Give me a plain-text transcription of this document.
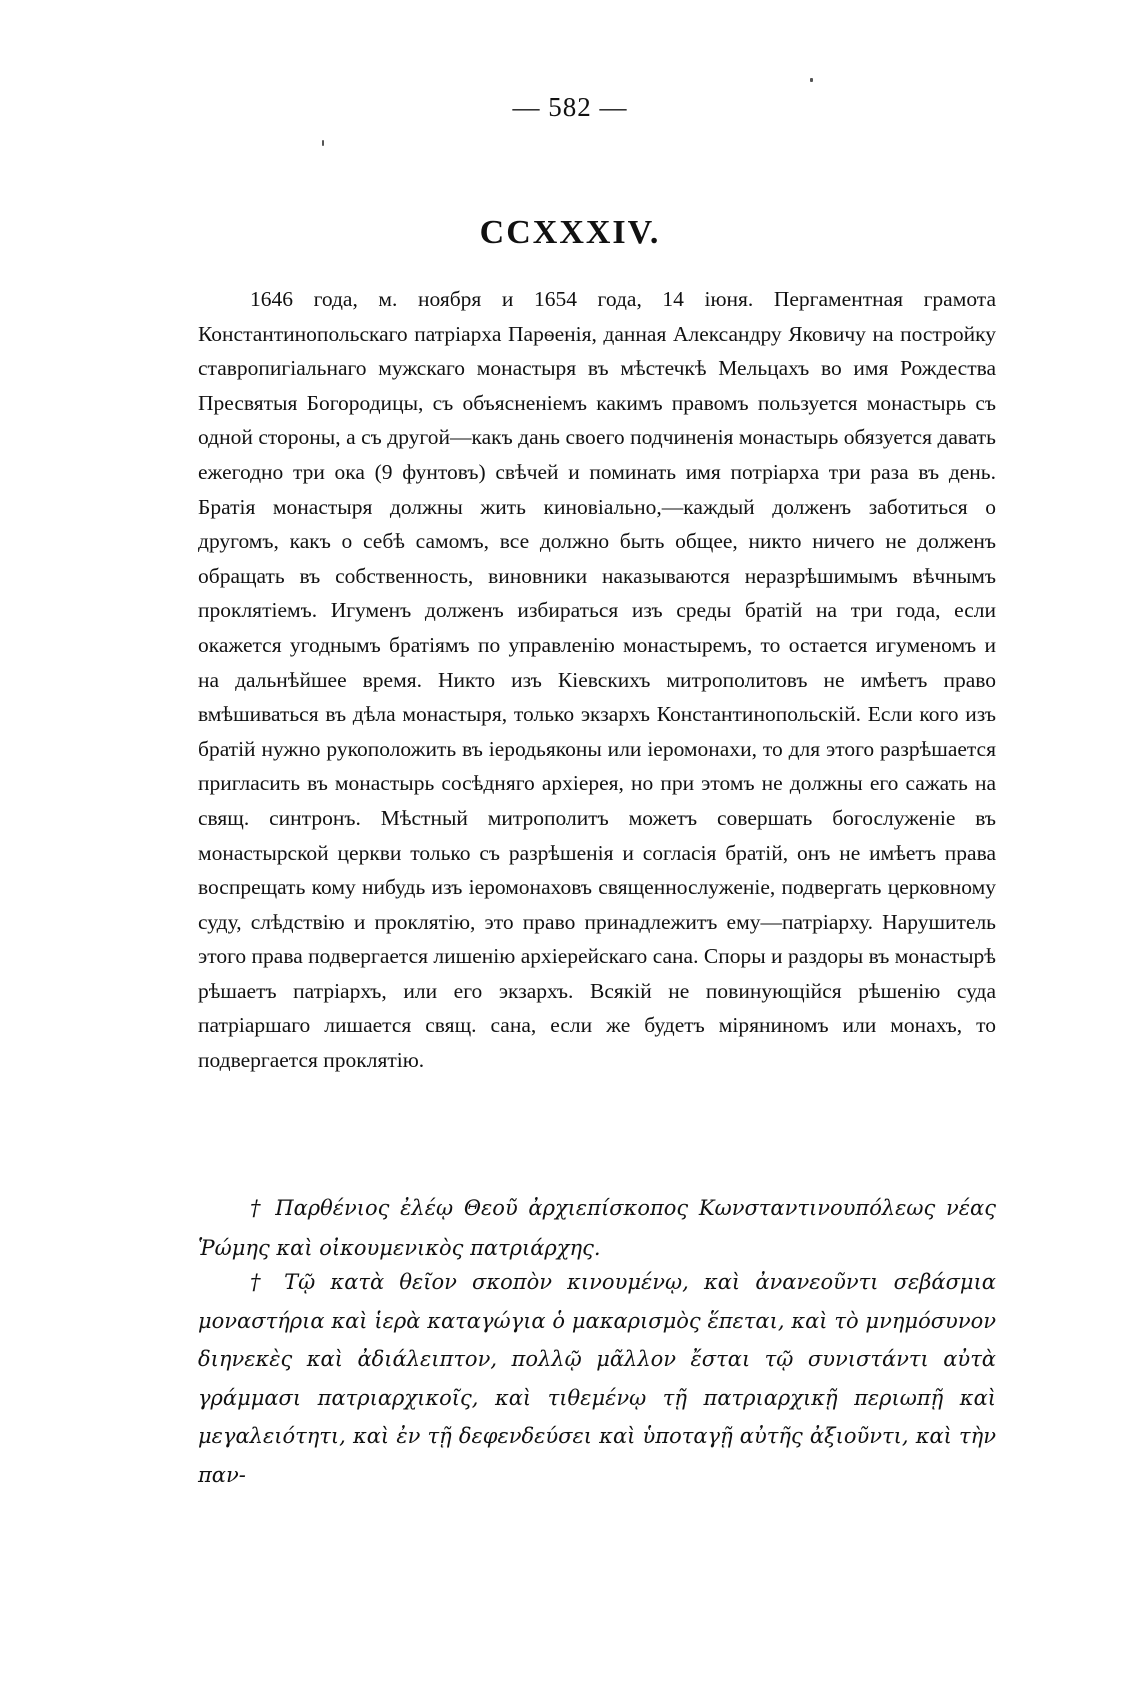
— 582 —
CCXXXIV.

1646 года, м. ноября и 1654 года, 14 іюня. Пергаментная грамота Константинопольскаго патріарха Парѳенія, данная Александру Яковичу на постройку ставропигіальнаго мужскаго монастыря въ мѣстечкѣ Мельцахъ во имя Рождества Пресвятыя Богородицы, съ объясненіемъ какимъ правомъ пользуется монастырь съ одной стороны, а съ другой—какъ дань своего подчиненія монастырь обязуется давать ежегодно три ока (9 фунтовъ) свѣчей и поминать имя потріарха три раза въ день. Братія монастыря должны жить киновіально,—каждый долженъ заботиться о другомъ, какъ о себѣ самомъ, все должно быть общее, никто ничего не долженъ обращать въ собственность, виновники наказываются неразрѣшимымъ вѣчнымъ проклятіемъ. Игуменъ долженъ избираться изъ среды братій на три года, если окажется угоднымъ братіямъ по управленію монастыремъ, то остается игуменомъ и на дальнѣйшее время. Никто изъ Кіевскихъ митрополитовъ не имѣетъ право вмѣшиваться въ дѣла монастыря, только экзархъ Константинопольскій. Если кого изъ братій нужно рукоположить въ іеродьяконы или іеромонахи, то для этого разрѣшается пригласить въ монастырь сосѣдняго архіерея, но при этомъ не должны его сажать на свящ. синтронъ. Мѣстный митрополитъ можетъ совершать богослуженіе въ монастырской церкви только съ разрѣшенія и согласія братій, онъ не имѣетъ права воспрещать кому нибудь изъ іеромонаховъ священнослуженіе, подвергать церковному суду, слѣдствію и проклятію, это право принадлежитъ ему—патріарху. Нарушитель этого права подвергается лишенію архіерейскаго сана. Споры и раздоры въ монастырѣ рѣшаетъ патріархъ, или его экзархъ. Всякій не повинующійся рѣшенію суда патріаршаго лишается свящ. сана, если же будетъ міряниномъ или монахъ, то подвергается проклятію.

† Παρθένιος ἐλέῳ Θεοῦ ἀρχιεπίσκοπος Κωνσταντινουπόλεως νέας Ῥώμης καὶ οἰκουμενικὸς πατριάρχης.

† Τῷ κατὰ θεῖον σκοπὸν κινουμένῳ, καὶ ἀνανεοῦντι σεβάσμια μοναστήρια καὶ ἱερὰ καταγώγια ὁ μακαρισμὸς ἕπεται, καὶ τὸ μνημόσυνον διηνεκὲς καὶ ἀδιάλειπτον, πολλῷ μᾶλλον ἔσται τῷ συνιστάντι αὐτὰ γράμμασι πατριαρχικοῖς, καὶ τιθεμένῳ τῇ πατριαρχικῇ περιωπῇ καὶ μεγαλειότητι, καὶ ἐν τῇ δεφενδεύσει καὶ ὑποταγῇ αὐτῆς ἀξιοῦντι, καὶ τὴν παν-
